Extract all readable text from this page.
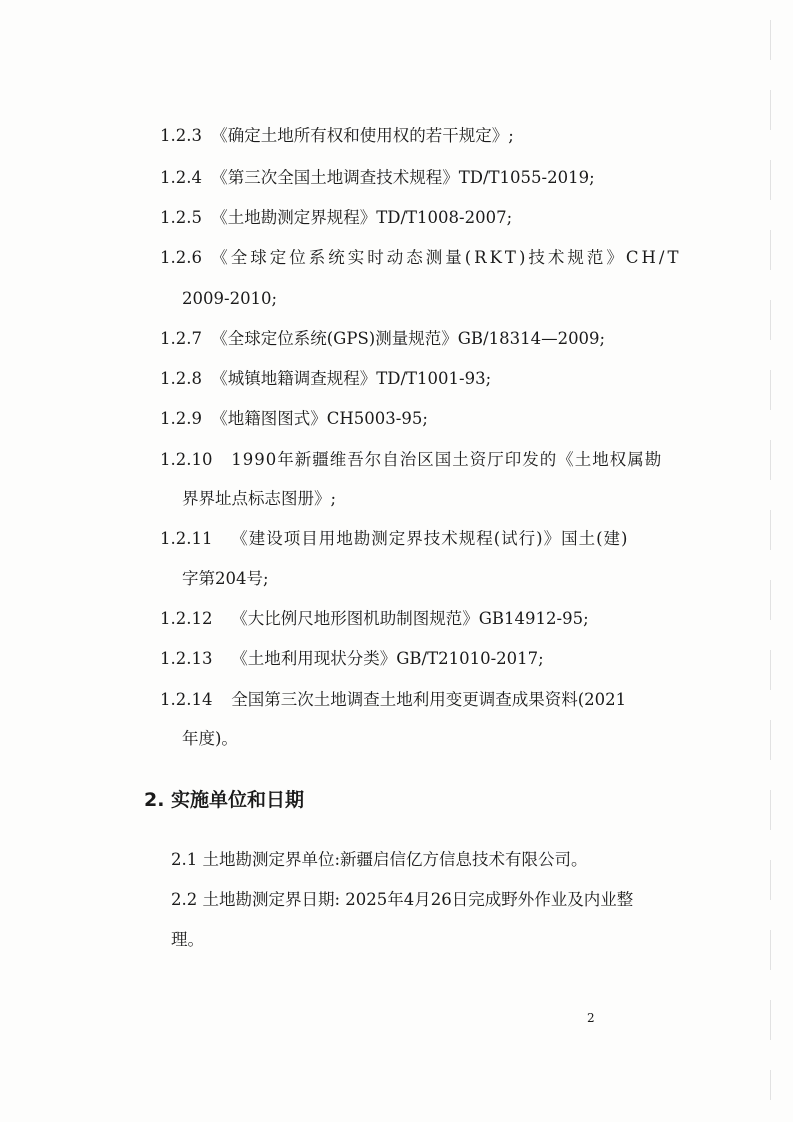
1.2.3 《确定土地所有权和使用权的若干规定》;
1.2.4 《第三次全国土地调查技术规程》TD/T1055-2019;
1.2.5 《土地勘测定界规程》TD/T1008-2007;
1.2.6 《全球定位系统实时动态测量(RKT)技术规范》CH/T
2009-2010;
1.2.7 《全球定位系统(GPS)测量规范》GB/18314—2009;
1.2.8 《城镇地籍调查规程》TD/T1001-93;
1.2.9 《地籍图图式》CH5003-95;
1.2.10 1990年新疆维吾尔自治区国土资厅印发的《土地权属勘
界界址点标志图册》;
1.2.11 《建设项目用地勘测定界技术规程(试行)》国土(建)
字第204号;
1.2.12 《大比例尺地形图机助制图规范》GB14912-95;
1.2.13 《土地利用现状分类》GB/T21010-2017;
1.2.14 全国第三次土地调查土地利用变更调查成果资料(2021
年度)。
2. 实施单位和日期
2.1 土地勘测定界单位:新疆启信亿方信息技术有限公司。
2.2 土地勘测定界日期: 2025年4月26日完成野外作业及内业整
理。
2
